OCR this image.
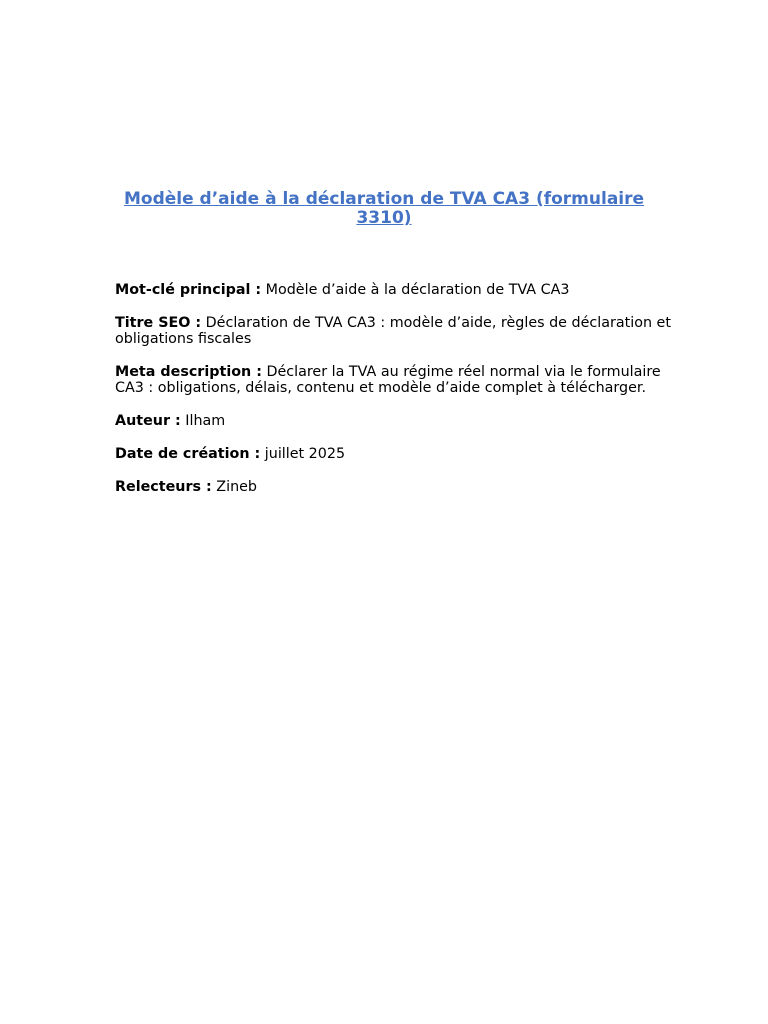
Modèle d’aide à la déclaration de TVA CA3 (formulaire 3310)

Mot-clé principal : Modèle d’aide à la déclaration de TVA CA3

Titre SEO : Déclaration de TVA CA3 : modèle d’aide, règles de déclaration et obligations fiscales

Meta description : Déclarer la TVA au régime réel normal via le formulaire CA3 : obligations, délais, contenu et modèle d’aide complet à télécharger.

Auteur : Ilham

Date de création : juillet 2025

Relecteurs : Zineb
